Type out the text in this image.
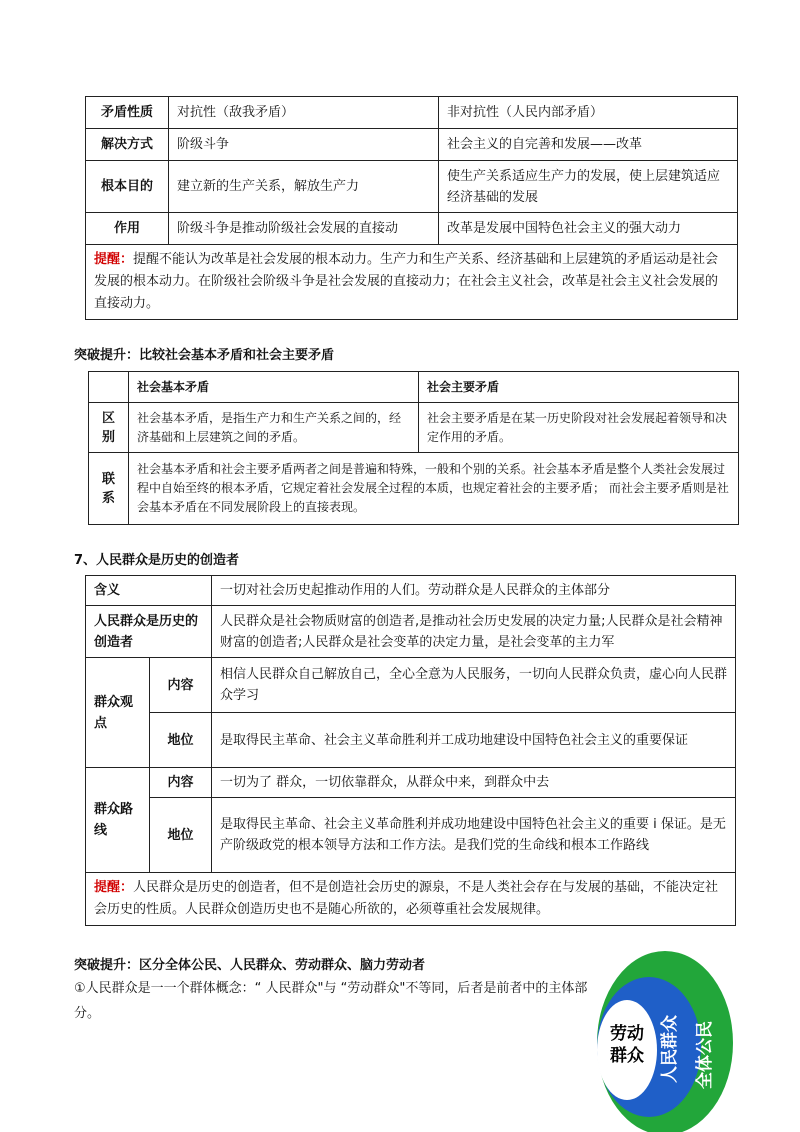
矛盾性质	对抗性（敌我矛盾）	非对抗性（人民内部矛盾）
解决方式	阶级斗争	社会主义的自完善和发展——改革
根本目的	建立新的生产关系，解放生产力	使生产关系适应生产力的发展，使上层建筑适应经济基础的发展
作用	阶级斗争是推动阶级社会发展的直接动	改革是发展中国特色社会主义的强大动力
提醒：提醒不能认为改革是社会发展的根本动力。生产力和生产关系、经济基础和上层建筑的矛盾运动是社会发展的根本动力。在阶级社会阶级斗争是社会发展的直接动力；在社会主义社会，改革是社会主义社会发展的直接动力。		
突破提升：比较社会基本矛盾和社会主要矛盾
	社会基本矛盾	社会主要矛盾
区别	社会基本矛盾，是指生产力和生产关系之间的，经济基础和上层建筑之间的矛盾。	社会主要矛盾是在某一历史阶段对社会发展起着领导和决定作用的矛盾。
联系	社会基本矛盾和社会主要矛盾两者之间是普遍和特殊，一般和个别的关系。社会基本矛盾是整个人类社会发展过程中自始至终的根本矛盾，它规定着社会发展全过程的本质，也规定着社会的主要矛盾； 而社会主要矛盾则是社会基本矛盾在不同发展阶段上的直接表现。	
7、人民群众是历史的创造者
含义		一切对社会历史起推动作用的人们。劳动群众是人民群众的主体部分
人民群众是历史的创造者		人民群众是社会物质财富的创造者,是推动社会历史发展的决定力量;人民群众是社会精神财富的创造者;人民群众是社会变革的决定力量，是社会变革的主力军
群众观点	内容	相信人民群众自己解放自己，全心全意为人民服务，一切向人民群众负责，虚心向人民群众学习
	地位	是取得民主革命、社会主义革命胜利并工成功地建设中国特色社会主义的重要保证
群众路线	内容	一切为了 群众，一切依靠群众，从群众中来，到群众中去
	地位	是取得民主革命、社会主义革命胜利并成功地建设中国特色社会主义的重要 i 保证。是无产阶级政党的根本领导方法和工作方法。是我们党的生命线和根本工作路线
提醒：人民群众是历史的创造者，但不是创造社会历史的源泉，不是人类社会存在与发展的基础，不能决定社会历史的性质。人民群众创造历史也不是随心所欲的，必须尊重社会发展规律。		
突破提升：区分全体公民、人民群众、劳动群众、脑力劳动者
①人民群众是一一个群体概念：“ 人民群众"与 “劳动群众"不等同，后者是前者中的主体部分。
全体公民
人民群众
劳动
群众
